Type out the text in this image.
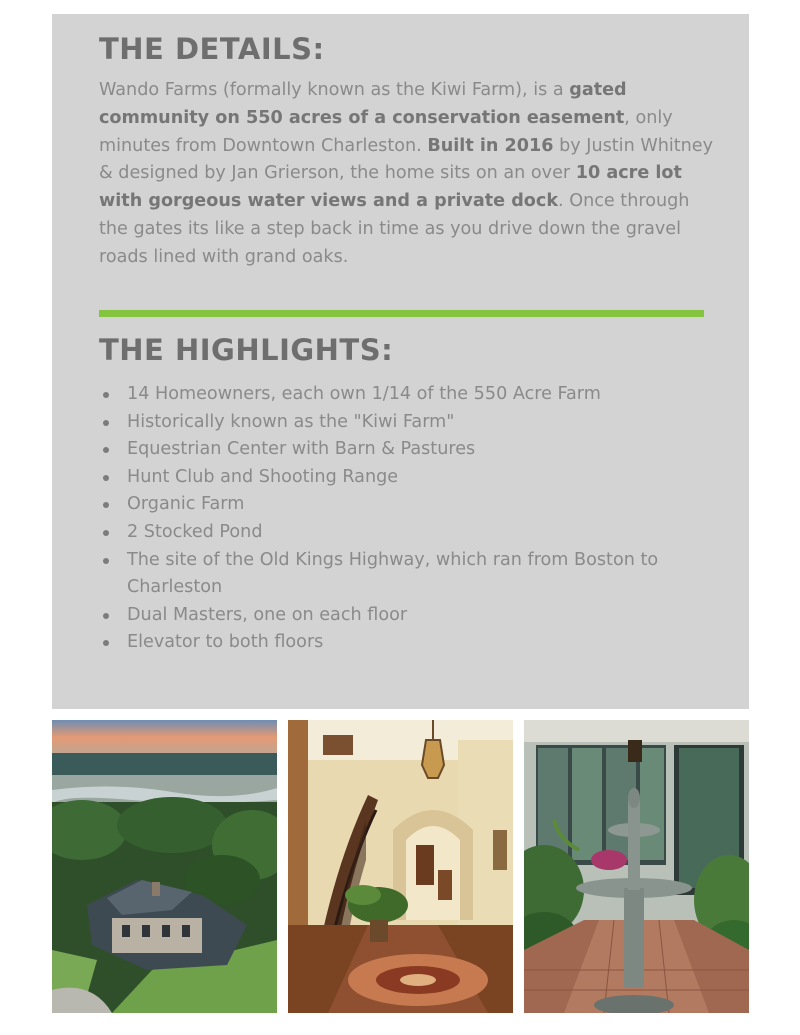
THE DETAILS:

Wando Farms (formally known as the Kiwi Farm), is a gated community on 550 acres of a conservation easement, only minutes from Downtown Charleston. Built in 2016 by Justin Whitney & designed by Jan Grierson, the home sits on an over 10 acre lot with gorgeous water views and a private dock. Once through the gates its like a step back in time as you drive down the gravel roads lined with grand oaks.

THE HIGHLIGHTS:
14 Homeowners, each own 1/14 of the 550 Acre Farm
Historically known as the "Kiwi Farm"
Equestrian Center with Barn & Pastures
Hunt Club and Shooting Range
Organic Farm
2 Stocked Pond
The site of the Old Kings Highway, which ran from Boston to Charleston
Dual Masters, one on each floor
Elevator to both floors
